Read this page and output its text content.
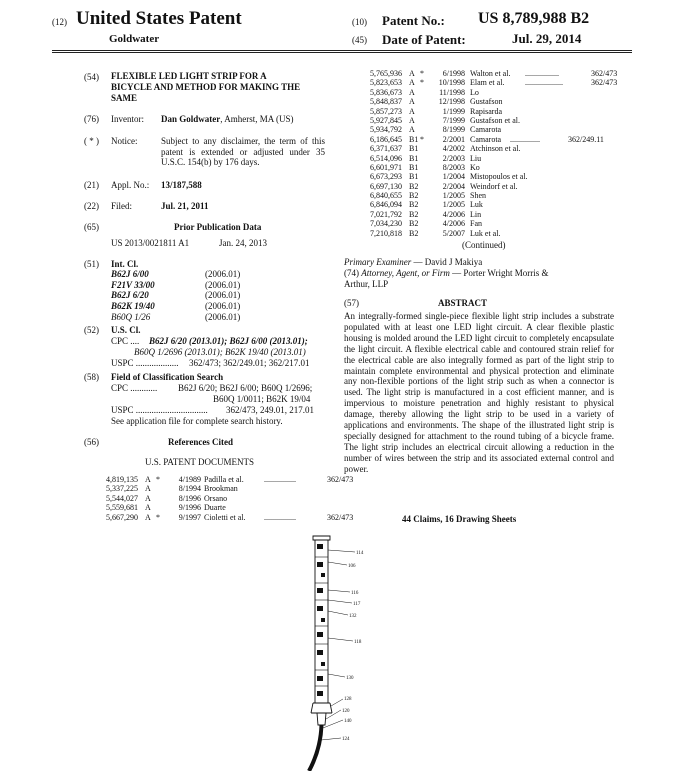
(12) United States Patent
Goldwater
(10) Patent No.: US 8,789,988 B2
(45) Date of Patent:	Jul. 29, 2014
(54) FLEXIBLE LED LIGHT STRIP FOR A
BICYCLE AND METHOD FOR MAKING THE
SAME
(76) Inventor: Dan Goldwater, Amherst, MA (US)
( * ) Notice:	Subject to any disclaimer, the term of this patent is extended or adjusted under 35 U.S.C. 154(b) by 176 days.
(21) Appl. No.: 13/187,588
(22) Filed:	Jul. 21, 2011
(65)	Prior Publication Data
US 2013/0021811 A1	Jan. 24, 2013
(51) Int. Cl.
B62J 6/00	(2006.01)
F21V 33/00	(2006.01)
B62J 6/20	(2006.01)
B62K 19/40	(2006.01)
B60Q 1/26	(2006.01)
(52) U.S. Cl.
CPC .... B62J 6/20 (2013.01); B62J 6/00 (2013.01);
B60Q 1/2696 (2013.01); B62K 19/40 (2013.01)
USPC ................... 362/473; 362/249.01; 362/217.01
(58) Field of Classification Search
CPC ............ B62J 6/20; B62J 6/00; B60Q 1/2696;
B60Q 1/0011; B62K 19/04
USPC ................................ 362/473, 249.01, 217.01
See application file for complete search history.
(56)	References Cited
U.S. PATENT DOCUMENTS
4,819,135 A * 4/1989 Padilla et al.	................	362/473
5,337,225 A	8/1994 Brookman
5,544,027 A	8/1996 Orsano
5,559,681 A	9/1996 Duarte
5,667,290 A * 9/1997 Cioletti et al. ................	362/473
5,765,936 A * 6/1998 Walton et al. .................	362/473
5,823,653 A * 10/1998 Elam et al.	...................	362/473
5,836,673 A	11/1998 Lo
5,848,837 A	12/1998 Gustafson
5,857,273 A	1/1999 Rapisarda
5,927,845 A	7/1999 Gustafson et al.
5,934,792 A	8/1999 Camarota
6,186,645 B1 * 2/2001 Camarota ...............	362/249.11
6,371,637 B1	4/2002 Atchinson et al.
6,514,096 B1	2/2003 Liu
6,601,971 B1	8/2003 Ko
6,673,293 B1	1/2004 Mistopoulos et al.
6,697,130 B2	2/2004 Weindorf et al.
6,840,655 B2	1/2005 Shen
6,846,094 B2	1/2005 Luk
7,021,792 B2	4/2006 Lin
7,034,230 B2	4/2006 Fan
7,210,818 B2	5/2007 Luk et al.
(Continued)
Primary Examiner — David J Makiya
(74) Attorney, Agent, or Firm — Porter Wright Morris &
Arthur, LLP
(57)	ABSTRACT
An integrally-formed single-piece flexible light strip includes a substrate populated with at least one LED light circuit. A clear flexible plastic housing is molded around the LED light circuit to completely encapsulate the light circuit. A flexible electrical cable and contoured strain relief for the electrical cable are also integrally formed as part of the light strip to maintain complete environmental and physical protection and eliminate any non-flexible portions of the light strip such as when a connector is used. The light strip is manufactured in a cost efficient manner, and is impervious to moisture penetration and highly resistant to physical damage, thereby allowing the light strip to be used in a variety of applications and environments. The shape of the illustrated light strip is specially designed for attachment to the round tubing of a bicycle frame. The light strip includes an electrical circuit allowing a reduction in the number of wires between the strip and its associated external control and power.
44 Claims, 16 Drawing Sheets
114
106
116
117
132
118
130
128
120
140
124
